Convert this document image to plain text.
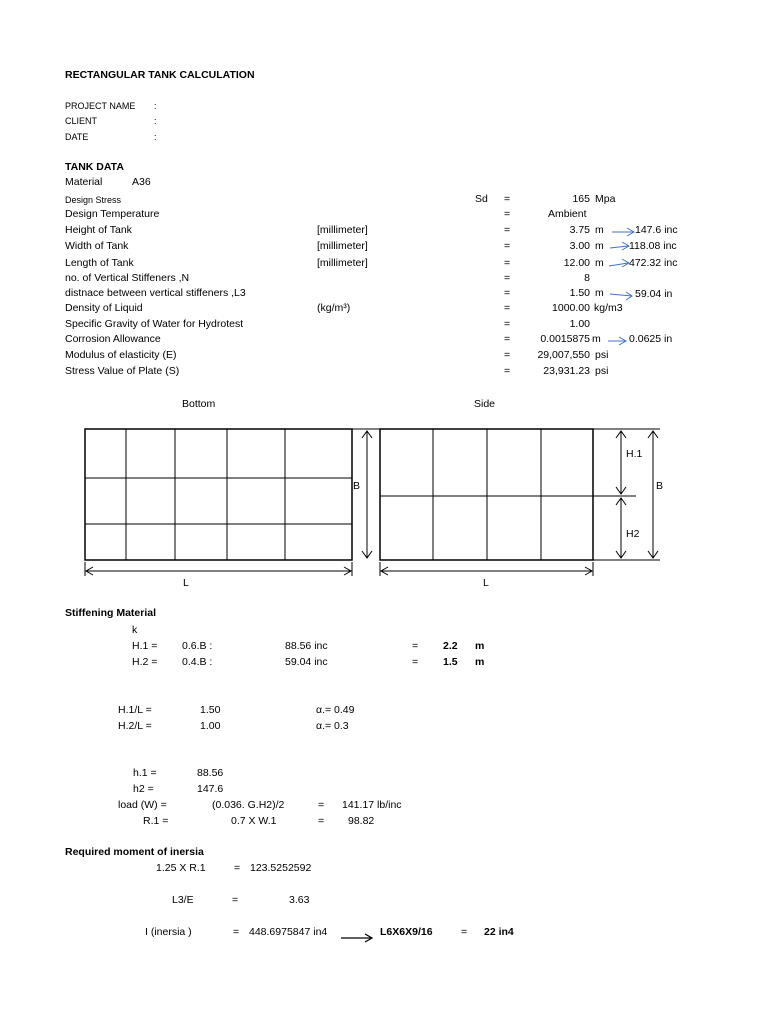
RECTANGULAR TANK CALCULATION
PROJECT NAME :
CLIENT	:
DATE	:
TANK DATA
Material	A36
Design Stress	Sd =	165 Mpa
Design Temperature	=	Ambient
Height of Tank	[millimeter]	=	3.75 m	147.6 inc
Width of Tank	[millimeter]	=	3.00 m 118.08 inc
Length of Tank	[millimeter]	=	12.00 m 472.32 inc
no. of Vertical Stiffeners ,N	=	8
distnace between vertical stiffeners ,L3	=	1.50 m	59.04 in
Density of Liquid	(kg/m³)	=	1000.00 kg/m3
Specific Gravity of Water for Hydrotest	=	1.00
Corrosion Allowance	=	0.0015875 m	0.0625 in
Modulus of elasticity (E)	=	29,007,550 psi
Stress Value of Plate (S)	=	23,931.23 psi
Bottom	Side
B
L
H.1
H2
B
L
Stiffening Material
k
H.1 = 0.6.B :	88.56 inc	= 2.2 m
H.2 = 0.4.B :	59.04 inc	= 1.5 m
H.1/L =	1.50	α.= 0.49
H.2/L =	1.00	α.= 0.3
h.1 =	88.56
h2 =	147.6
load (W) =	(0.036. G.H2)/2	= 141.17 lb/inc
R.1 =	0.7 X W.1	= 98.82
Required moment of inersia
1.25 X R.1	= 123.5252592
L3/E	=	3.63
I (inersia )	= 448.6975847 in4	L6X6X9/16	= 22 in4
